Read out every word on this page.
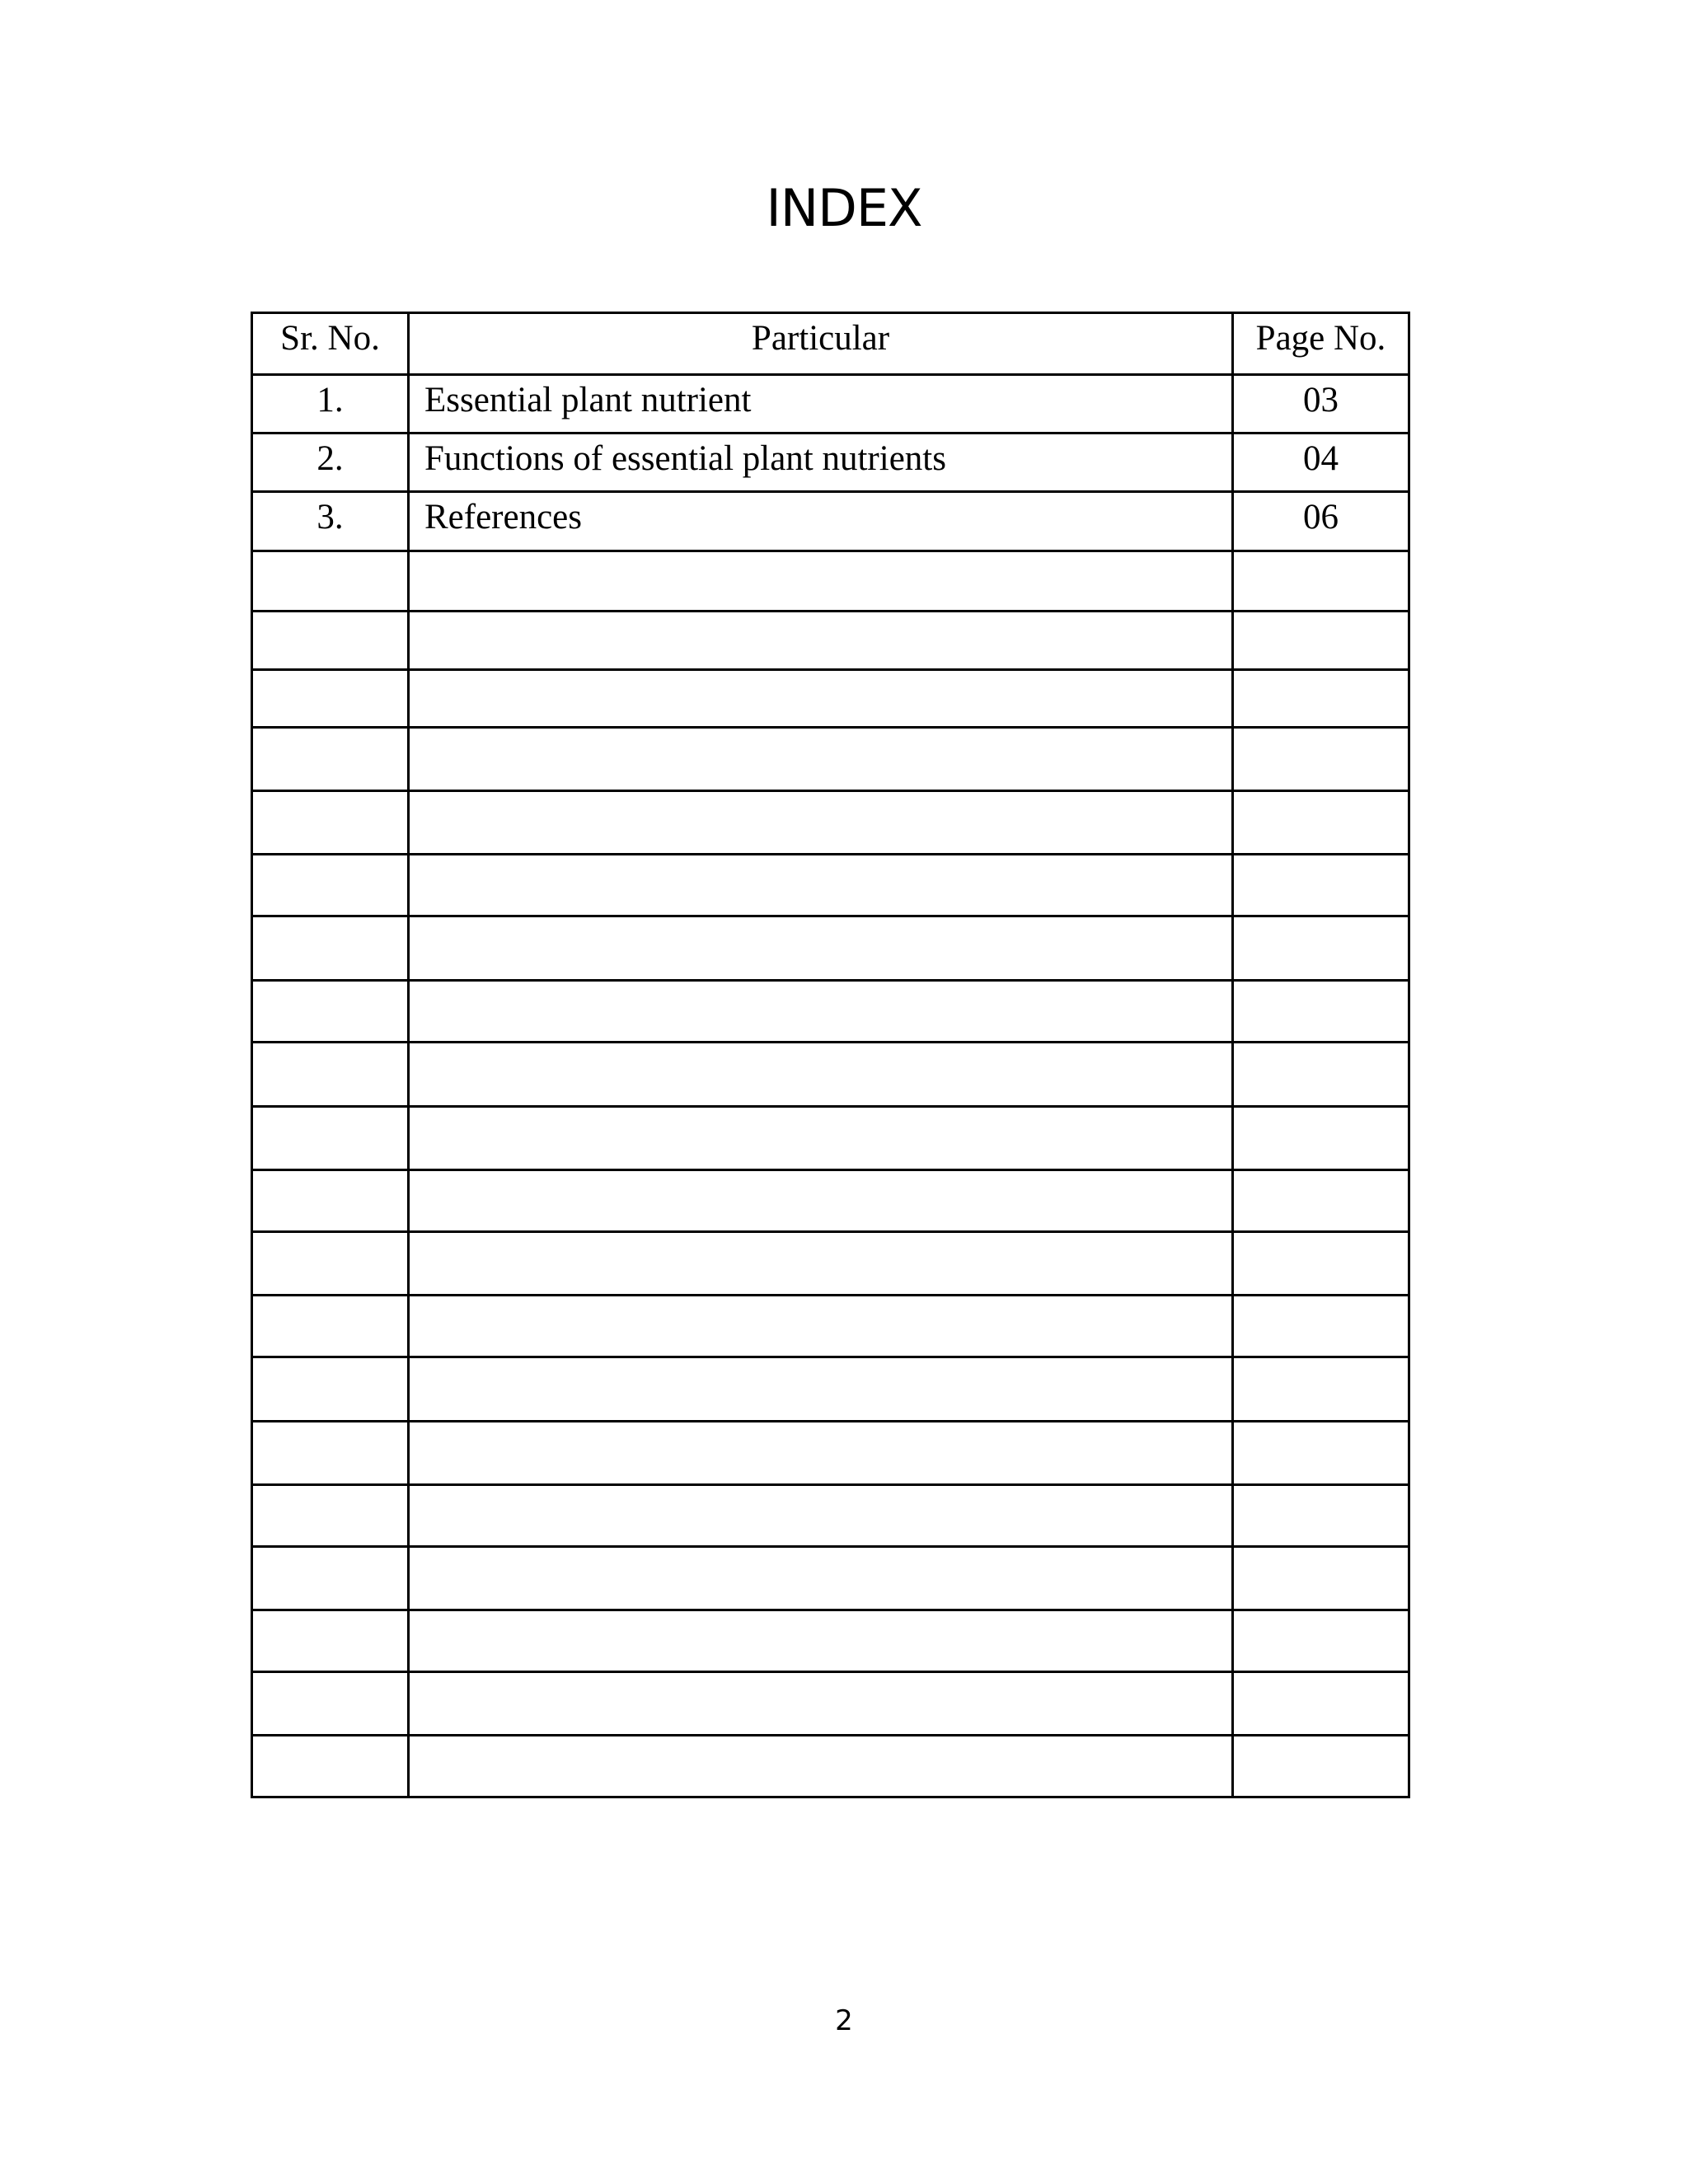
INDEX
Sr. No.	Particular	Page No.
1.	Essential plant nutrient	03
2.	Functions of essential plant nutrients	04
3.	References	06

2
